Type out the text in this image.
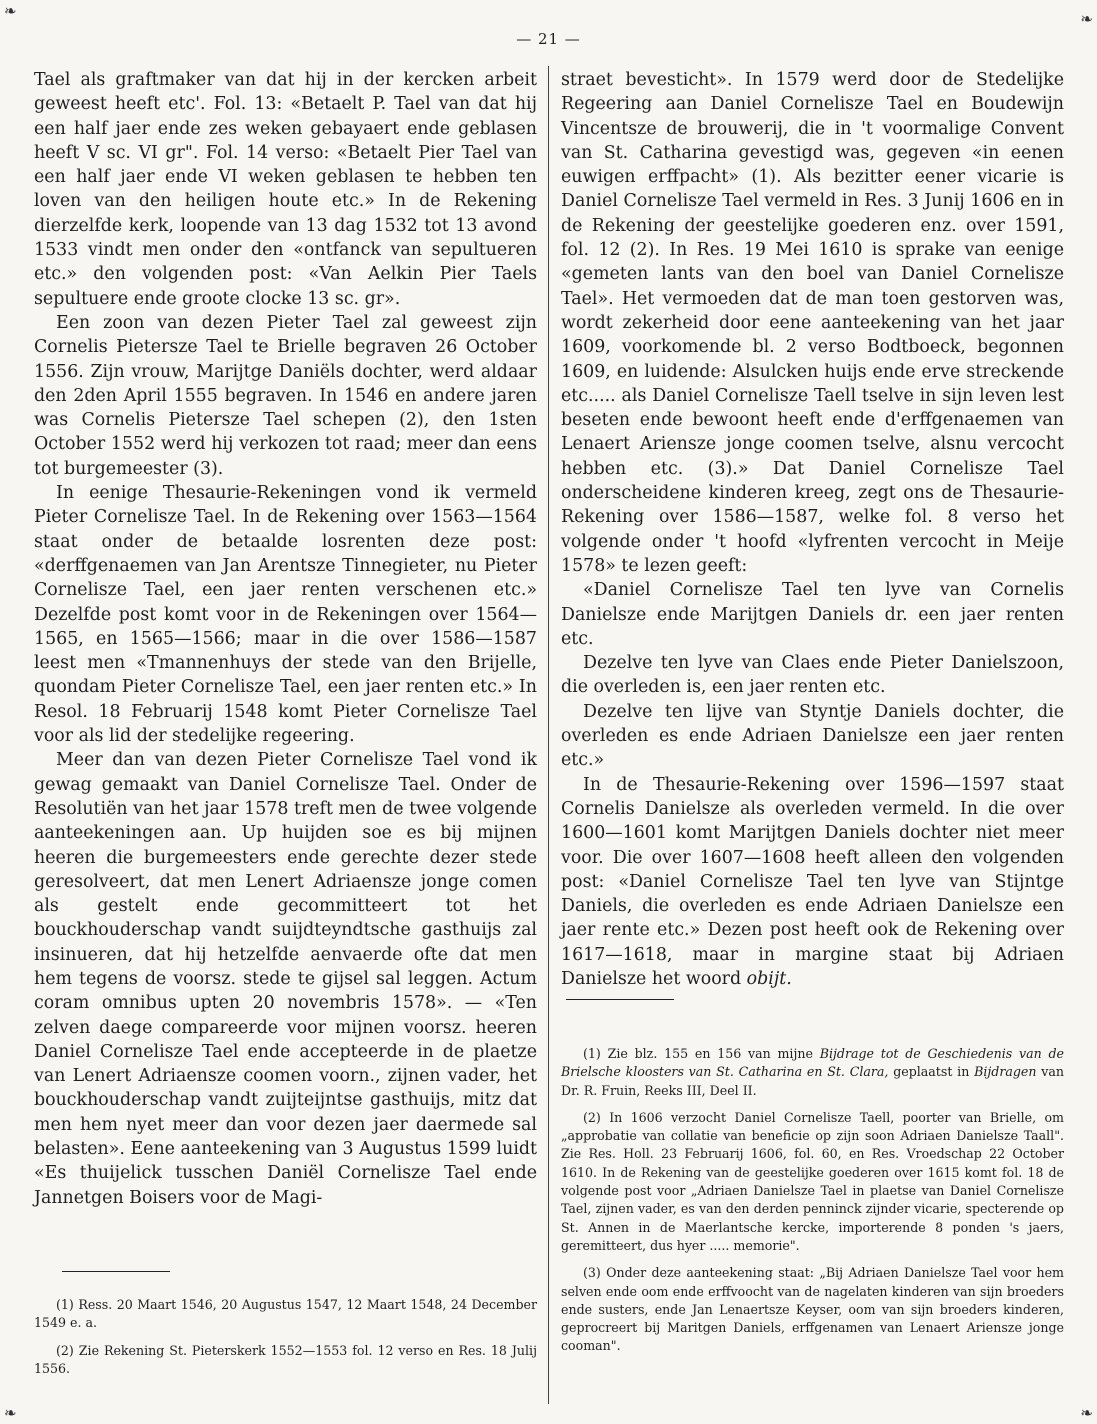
❧	❧
❧	❧
— 21 —

Tael als graftmaker van dat hij in der kercken arbeit geweest heeft etc'. Fol. 13: «Betaelt P. Tael van dat hij een half jaer ende zes weken gebayaert ende geblasen heeft V sc. VI gr". Fol. 14 verso: «Betaelt Pier Tael van een half jaer ende VI weken geblasen te hebben ten loven van den heiligen houte etc.» In de Rekening dierzelfde kerk, loopende van 13 dag 1532 tot 13 avond 1533 vindt men onder den «ontfanck van sepultueren etc.» den volgenden post: «Van Aelkin Pier Taels sepultuere ende groote clocke 13 sc. gr».

Een zoon van dezen Pieter Tael zal geweest zijn Cornelis Pietersze Tael te Brielle begraven 26 October 1556. Zijn vrouw, Marijtge Daniëls dochter, werd aldaar den 2den April 1555 begraven. In 1546 en andere jaren was Cornelis Pietersze Tael schepen (2), den 1sten October 1552 werd hij verkozen tot raad; meer dan eens tot burgemeester (3).

In eenige Thesaurie-Rekeningen vond ik vermeld Pieter Cornelisze Tael. In de Rekening over 1563—1564 staat onder de betaalde losrenten deze post: «derffgenaemen van Jan Arentsze Tinnegieter, nu Pieter Cornelisze Tael, een jaer renten verschenen etc.» Dezelfde post komt voor in de Rekeningen over 1564—1565, en 1565—1566; maar in die over 1586—1587 leest men «Tmannenhuys der stede van den Brijelle, quondam Pieter Cornelisze Tael, een jaer renten etc.» In Resol. 18 Februarij 1548 komt Pieter Cornelisze Tael voor als lid der stedelijke regeering.

Meer dan van dezen Pieter Cornelisze Tael vond ik gewag gemaakt van Daniel Cornelisze Tael. Onder de Resolutiën van het jaar 1578 treft men de twee volgende aanteekeningen aan. Up huijden soe es bij mijnen heeren die burgemeesters ende gerechte dezer stede geresolveert, dat men Lenert Adriaensze jonge comen als gestelt ende gecommitteert tot het bouckhouderschap vandt suijdteyndtsche gasthuijs zal insinueren, dat hij hetzelfde aenvaerde ofte dat men hem tegens de voorsz. stede te gijsel sal leggen. Actum coram omnibus upten 20 novembris 1578». — «Ten zelven daege compareerde voor mijnen voorsz. heeren Daniel Cornelisze Tael ende accepteerde in de plaetze van Lenert Adriaensze coomen voorn., zijnen vader, het bouckhouderschap vandt zuijteijntse gasthuijs, mitz dat men hem nyet meer dan voor dezen jaer daermede sal belasten». Eene aanteekening van 3 Augustus 1599 luidt «Es thuijelick tusschen Daniël Cornelisze Tael ende Jannetgen Boisers voor de Magi-

(1) Ress. 20 Maart 1546, 20 Augustus 1547, 12 Maart 1548, 24 December 1549 e. a.

(2) Zie Rekening St. Pieterskerk 1552—1553 fol. 12 verso en Res. 18 Julij 1556.

straet bevesticht». In 1579 werd door de Stedelijke Regeering aan Daniel Cornelisze Tael en Boudewijn Vincentsze de brouwerij, die in 't voormalige Convent van St. Catharina gevestigd was, gegeven «in eenen euwigen erffpacht» (1). Als bezitter eener vicarie is Daniel Cornelisze Tael vermeld in Res. 3 Junij 1606 en in de Rekening der geestelijke goederen enz. over 1591, fol. 12 (2). In Res. 19 Mei 1610 is sprake van eenige «gemeten lants van den boel van Daniel Cornelisze Tael». Het vermoeden dat de man toen gestorven was, wordt zekerheid door eene aanteekening van het jaar 1609, voorkomende bl. 2 verso Bodtboeck, begonnen 1609, en luidende: Alsulcken huijs ende erve streckende etc..... als Daniel Cornelisze Taell tselve in sijn leven lest beseten ende bewoont heeft ende d'erffgenaemen van Lenaert Ariensze jonge coomen tselve, alsnu vercocht hebben etc. (3).» Dat Daniel Cornelisze Tael onderscheidene kinderen kreeg, zegt ons de Thesaurie-Rekening over 1586—1587, welke fol. 8 verso het volgende onder 't hoofd «lyfrenten vercocht in Meije 1578» te lezen geeft:

«Daniel Cornelisze Tael ten lyve van Cornelis Danielsze ende Marijtgen Daniels dr. een jaer renten etc.

Dezelve ten lyve van Claes ende Pieter Danielszoon, die overleden is, een jaer renten etc.

Dezelve ten lijve van Styntje Daniels dochter, die overleden es ende Adriaen Danielsze een jaer renten etc.»

In de Thesaurie-Rekening over 1596—1597 staat Cornelis Danielsze als overleden vermeld. In die over 1600—1601 komt Marijtgen Daniels dochter niet meer voor. Die over 1607—1608 heeft alleen den volgenden post: «Daniel Cornelisze Tael ten lyve van Stijntge Daniels, die overleden es ende Adriaen Danielsze een jaer rente etc.» Dezen post heeft ook de Rekening over 1617—1618, maar in margine staat bij Adriaen Danielsze het woord obijt.

(1) Zie blz. 155 en 156 van mijne Bijdrage tot de Geschiedenis van de Brielsche kloosters van St. Catharina en St. Clara, geplaatst in Bijdragen van Dr. R. Fruin, Reeks III, Deel II.

(2) In 1606 verzocht Daniel Cornelisze Taell, poorter van Brielle, om „approbatie van collatie van beneficie op zijn soon Adriaen Danielsze Taall". Zie Res. Holl. 23 Februarij 1606, fol. 60, en Res. Vroedschap 22 October 1610. In de Rekening van de geestelijke goederen over 1615 komt fol. 18 de volgende post voor „Adriaen Danielsze Tael in plaetse van Daniel Cornelisze Tael, zijnen vader, es van den derden penninck zijnder vicarie, specterende op St. Annen in de Maerlantsche kercke, importerende 8 ponden 's jaers, geremitteert, dus hyer ..... memorie".

(3) Onder deze aanteekening staat: „Bij Adriaen Danielsze Tael voor hem selven ende oom ende erffvoocht van de nagelaten kinderen van sijn broeders ende susters, ende Jan Lenaertsze Keyser, oom van sijn broeders kinderen, geprocreert bij Maritgen Daniels, erffgenamen van Lenaert Ariensze jonge cooman".
